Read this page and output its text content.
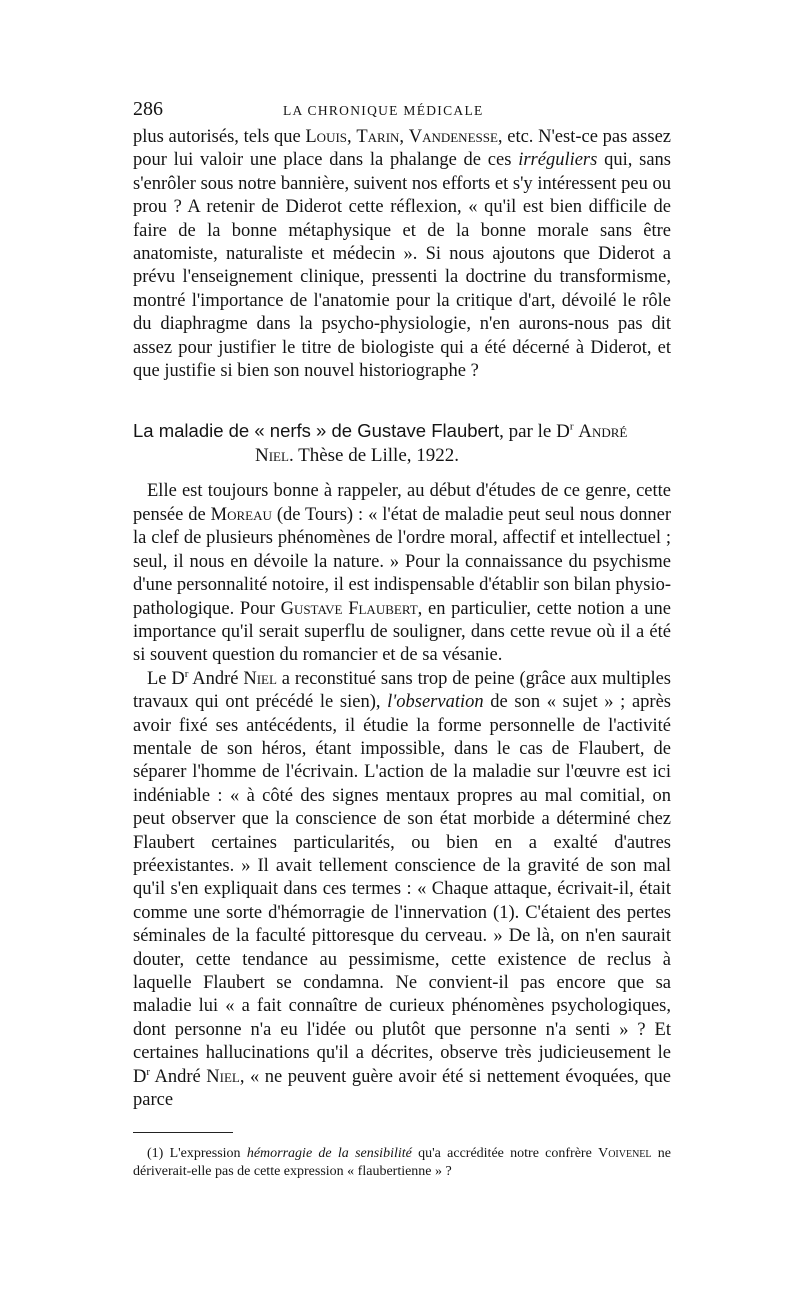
286	LA CHRONIQUE MÉDICALE

plus autorisés, tels que Louis, Tarin, Vandenesse, etc. N'est-ce pas assez pour lui valoir une place dans la phalange de ces irréguliers qui, sans s'enrôler sous notre bannière, suivent nos efforts et s'y intéressent peu ou prou ? A retenir de Diderot cette réflexion, « qu'il est bien difficile de faire de la bonne métaphysique et de la bonne morale sans être anatomiste, naturaliste et médecin ». Si nous ajoutons que Diderot a prévu l'enseignement clinique, pressenti la doctrine du transformisme, montré l'importance de l'anatomie pour la critique d'art, dévoilé le rôle du diaphragme dans la psycho-physiologie, n'en aurons-nous pas dit assez pour justifier le titre de biologiste qui a été décerné à Diderot, et que justifie si bien son nouvel historiographe ?

La maladie de « nerfs » de Gustave Flaubert, par le $D^r$ André
Niel. Thèse de Lille, 1922.

Elle est toujours bonne à rappeler, au début d'études de ce genre, cette pensée de Moreau (de Tours) : « l'état de maladie peut seul nous donner la clef de plusieurs phénomènes de l'ordre moral, affectif et intellectuel ; seul, il nous en dévoile la nature. » Pour la connaissance du psychisme d'une personnalité notoire, il est indispensable d'établir son bilan physio-pathologique. Pour Gustave Flaubert, en particulier, cette notion a une importance qu'il serait superflu de souligner, dans cette revue où il a été si souvent question du romancier et de sa vésanie.

Le $D^r$ André Niel a reconstitué sans trop de peine (grâce aux multiples travaux qui ont précédé le sien), l'observation de son « sujet » ; après avoir fixé ses antécédents, il étudie la forme personnelle de l'activité mentale de son héros, étant impossible, dans le cas de Flaubert, de séparer l'homme de l'écrivain. L'action de la maladie sur l'œuvre est ici indéniable : « à côté des signes mentaux propres au mal comitial, on peut observer que la conscience de son état morbide a déterminé chez Flaubert certaines particularités, ou bien en a exalté d'autres préexistantes. » Il avait tellement conscience de la gravité de son mal qu'il s'en expliquait dans ces termes : « Chaque attaque, écrivait-il, était comme une sorte d'hémorragie de l'innervation (1). C'étaient des pertes séminales de la faculté pittoresque du cerveau. » De là, on n'en saurait douter, cette tendance au pessimisme, cette existence de reclus à laquelle Flaubert se condamna. Ne convient-il pas encore que sa maladie lui « a fait connaître de curieux phénomènes psychologiques, dont personne n'a eu l'idée ou plutôt que personne n'a senti » ? Et certaines hallucinations qu'il a décrites, observe très judicieusement le $D^r$ André Niel, « ne peuvent guère avoir été si nettement évoquées, que parce

(1) L'expression hémorragie de la sensibilité qu'a accréditée notre confrère Voivenel ne dériverait-elle pas de cette expression « flaubertienne » ?
